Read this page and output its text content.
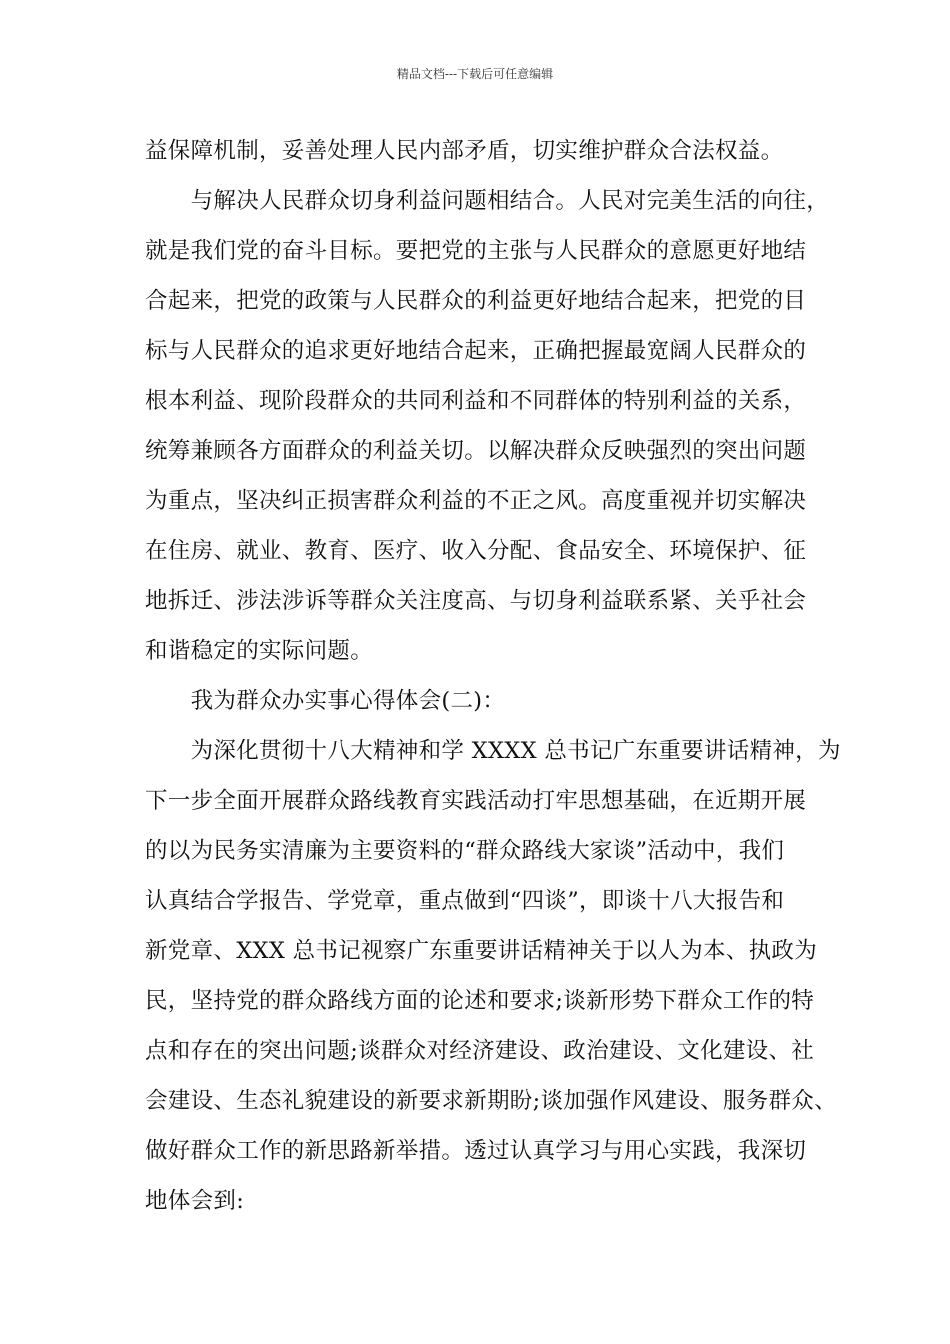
精品文档---下载后可任意编辑
益保障机制，妥善处理人民内部矛盾，切实维护群众合法权益。
　　与解决人民群众切身利益问题相结合。人民对完美生活的向往，
就是我们党的奋斗目标。要把党的主张与人民群众的意愿更好地结
合起来，把党的政策与人民群众的利益更好地结合起来，把党的目
标与人民群众的追求更好地结合起来，正确把握最宽阔人民群众的
根本利益、现阶段群众的共同利益和不同群体的特别利益的关系，
统筹兼顾各方面群众的利益关切。以解决群众反映强烈的突出问题
为重点，坚决纠正损害群众利益的不正之风。高度重视并切实解决
在住房、就业、教育、医疗、收入分配、食品安全、环境保护、征
地拆迁、涉法涉诉等群众关注度高、与切身利益联系紧、关乎社会
和谐稳定的实际问题。
　　我为群众办实事心得体会(二)：
　　为深化贯彻十八大精神和学 XXXX 总书记广东重要讲话精神，为
下一步全面开展群众路线教育实践活动打牢思想基础，在近期开展
的以为民务实清廉为主要资料的“群众路线大家谈”活动中，我们
认真结合学报告、学党章，重点做到“四谈”，即谈十八大报告和
新党章、XXX 总书记视察广东重要讲话精神关于以人为本、执政为
民，坚持党的群众路线方面的论述和要求;谈新形势下群众工作的特
点和存在的突出问题;谈群众对经济建设、政治建设、文化建设、社
会建设、生态礼貌建设的新要求新期盼;谈加强作风建设、服务群众、
做好群众工作的新思路新举措。透过认真学习与用心实践，我深切
地体会到:
